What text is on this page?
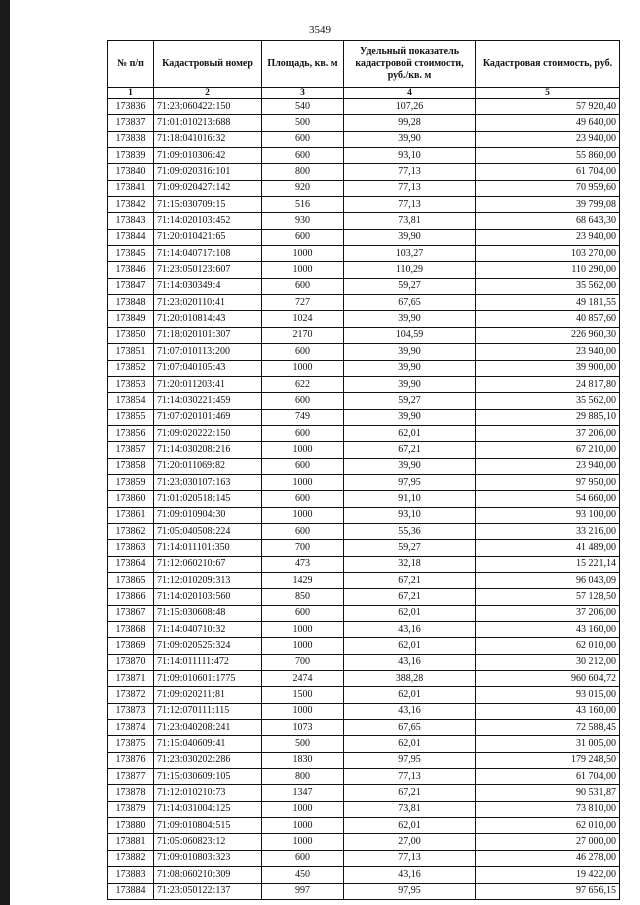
3549
№ п/п	Кадастровый номер	Площадь, кв. м	Удельный показатель кадастровой стоимости, руб./кв. м	Кадастровая стоимость, руб.
1	2	3	4	5
173836	71:23:060422:150	540	107,26	57 920,40
173837	71:01:010213:688	500	99,28	49 640,00
173838	71:18:041016:32	600	39,90	23 940,00
173839	71:09:010306:42	600	93,10	55 860,00
173840	71:09:020316:101	800	77,13	61 704,00
173841	71:09:020427:142	920	77,13	70 959,60
173842	71:15:030709:15	516	77,13	39 799,08
173843	71:14:020103:452	930	73,81	68 643,30
173844	71:20:010421:65	600	39,90	23 940,00
173845	71:14:040717:108	1000	103,27	103 270,00
173846	71:23:050123:607	1000	110,29	110 290,00
173847	71:14:030349:4	600	59,27	35 562,00
173848	71:23:020110:41	727	67,65	49 181,55
173849	71:20:010814:43	1024	39,90	40 857,60
173850	71:18:020101:307	2170	104,59	226 960,30
173851	71:07:010113:200	600	39,90	23 940,00
173852	71:07:040105:43	1000	39,90	39 900,00
173853	71:20:011203:41	622	39,90	24 817,80
173854	71:14:030221:459	600	59,27	35 562,00
173855	71:07:020101:469	749	39,90	29 885,10
173856	71:09:020222:150	600	62,01	37 206,00
173857	71:14:030208:216	1000	67,21	67 210,00
173858	71:20:011069:82	600	39,90	23 940,00
173859	71:23:030107:163	1000	97,95	97 950,00
173860	71:01:020518:145	600	91,10	54 660,00
173861	71:09:010904:30	1000	93,10	93 100,00
173862	71:05:040508:224	600	55,36	33 216,00
173863	71:14:011101:350	700	59,27	41 489,00
173864	71:12:060210:67	473	32,18	15 221,14
173865	71:12:010209:313	1429	67,21	96 043,09
173866	71:14:020103:560	850	67,21	57 128,50
173867	71:15:030608:48	600	62,01	37 206,00
173868	71:14:040710:32	1000	43,16	43 160,00
173869	71:09:020525:324	1000	62,01	62 010,00
173870	71:14:011111:472	700	43,16	30 212,00
173871	71:09:010601:1775	2474	388,28	960 604,72
173872	71:09:020211:81	1500	62,01	93 015,00
173873	71:12:070111:115	1000	43,16	43 160,00
173874	71:23:040208:241	1073	67,65	72 588,45
173875	71:15:040609:41	500	62,01	31 005,00
173876	71:23:030202:286	1830	97,95	179 248,50
173877	71:15:030609:105	800	77,13	61 704,00
173878	71:12:010210:73	1347	67,21	90 531,87
173879	71:14:031004:125	1000	73,81	73 810,00
173880	71:09:010804:515	1000	62,01	62 010,00
173881	71:05:060823:12	1000	27,00	27 000,00
173882	71:09:010803:323	600	77,13	46 278,00
173883	71:08:060210:309	450	43,16	19 422,00
173884	71:23:050122:137	997	97,95	97 656,15
